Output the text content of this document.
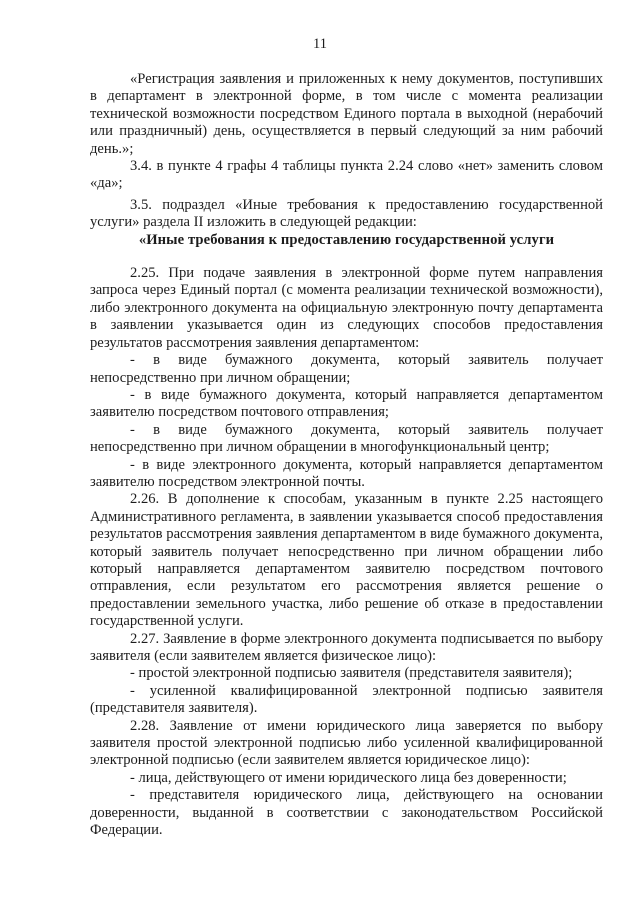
11

«Регистрация заявления и приложенных к нему документов, поступивших в департамент в электронной форме, в том числе с момента реализации технической возможности посредством Единого портала в выходной (нерабочий или праздничный) день, осуществляется в первый следующий за ним рабочий день.»;

3.4. в пункте 4 графы 4 таблицы пункта 2.24 слово «нет» заменить словом «да»;

3.5. подраздел «Иные требования к предоставлению государственной услуги» раздела II изложить в следующей редакции:

«Иные требования к предоставлению государственной услуги

2.25. При подаче заявления в электронной форме путем направления запроса через Единый портал (с момента реализации технической возможности), либо электронного документа на официальную электронную почту департамента в заявлении указывается один из следующих способов предоставления результатов рассмотрения заявления департаментом:

- в виде бумажного документа, который заявитель получает непосредственно при личном обращении;

- в виде бумажного документа, который направляется департаментом заявителю посредством почтового отправления;

- в виде бумажного документа, который заявитель получает непосредственно при личном обращении в многофункциональный центр;

- в виде электронного документа, который направляется департаментом заявителю посредством электронной почты.

2.26. В дополнение к способам, указанным в пункте 2.25 настоящего Административного регламента, в заявлении указывается способ предоставления результатов рассмотрения заявления департаментом в виде бумажного документа, который заявитель получает непосредственно при личном обращении либо который направляется департаментом заявителю посредством почтового отправления, если результатом его рассмотрения является решение о предоставлении земельного участка, либо решение об отказе в предоставлении государственной услуги.

2.27. Заявление в форме электронного документа подписывается по выбору заявителя (если заявителем является физическое лицо):

- простой электронной подписью заявителя (представителя заявителя);

- усиленной квалифицированной электронной подписью заявителя (представителя заявителя).

2.28. Заявление от имени юридического лица заверяется по выбору заявителя простой электронной подписью либо усиленной квалифицированной электронной подписью (если заявителем является юридическое лицо):

- лица, действующего от имени юридического лица без доверенности;

- представителя юридического лица, действующего на основании доверенности, выданной в соответствии с законодательством Российской Федерации.
